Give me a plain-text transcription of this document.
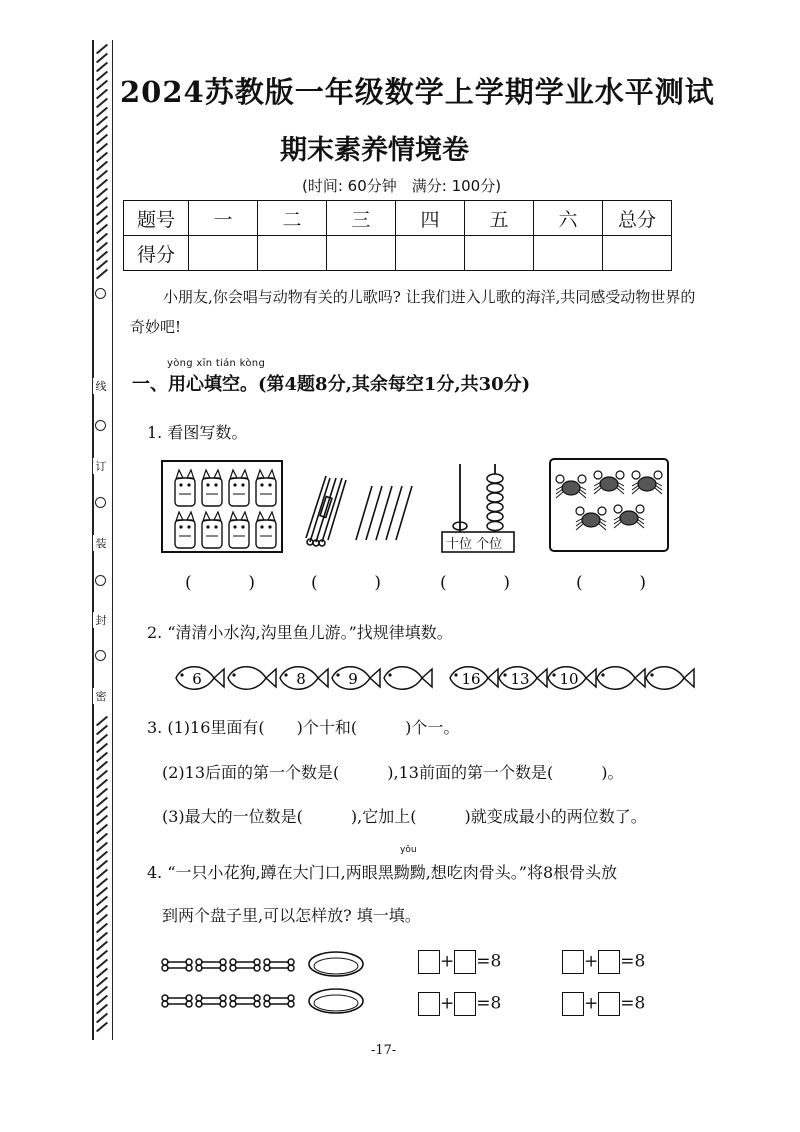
线
订
装
封
密
2024苏教版一年级数学上学期学业水平测试
期末素养情境卷
(时间: 60分钟　满分: 100分)
题号	一	二	三	四	五	六	总分
得分							
小朋友,你会唱与动物有关的儿歌吗? 让我们进入儿歌的海洋,共同感受动物世界的奇妙吧!
yòng xīn tián kòng
一、用心填空。(第4题8分,其余每空1分,共30分)
1. 看图写数。
十位 个位
(	)	(	)	(	)	(	)
2. “清清小水沟,沟里鱼儿游。”找规律填数。
6	8	9	16 13 10
3. (1)16里面有(　　)个十和(　　　)个一。
(2)13后面的第一个数是(　　　),13前面的第一个数是(　　　)。
(3)最大的一位数是(　　　),它加上(　　　)就变成最小的两位数了。
yǒu
4. “一只小花狗,蹲在大门口,两眼黑黝黝,想吃肉骨头。”将8根骨头放
到两个盘子里,可以怎样放? 填一填。
+ =8	+ =8
+ =8	+ =8
-17-
